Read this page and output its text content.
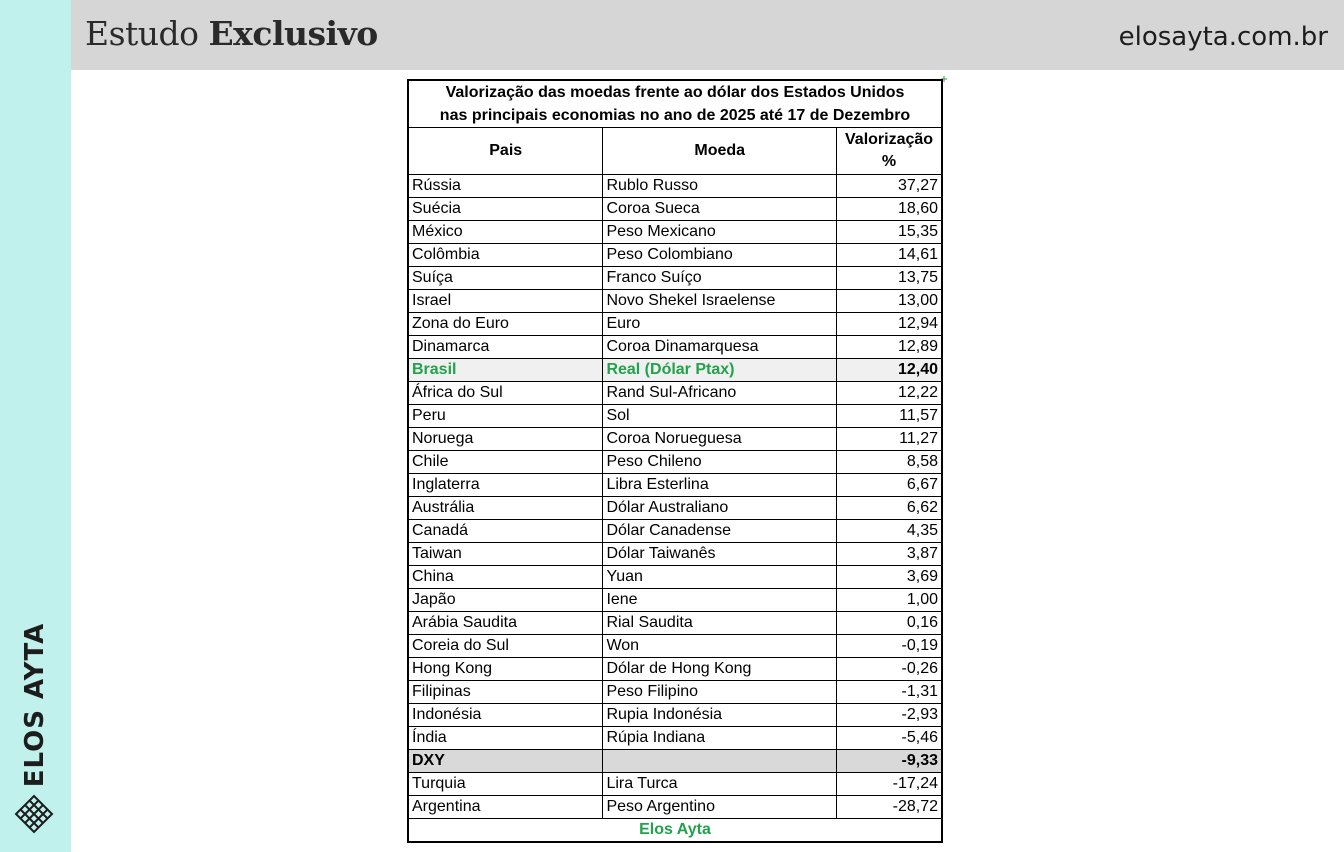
ELOS AYTA
Estudo Exclusivo	elosayta.com.br
Valorização das moedas frente ao dólar dos Estados Unidos
nas principais economias no ano de 2025 até 17 de Dezembro		

Pais	Moeda	Valorização
%

Rússia	Rublo Russo	37,27
Suécia	Coroa Sueca	18,60
México	Peso Mexicano	15,35
Colômbia	Peso Colombiano	14,61
Suíça	Franco Suíço	13,75
Israel	Novo Shekel Israelense	13,00
Zona do Euro	Euro	12,94
Dinamarca	Coroa Dinamarquesa	12,89
Brasil	Real (Dólar Ptax)	12,40
África do Sul	Rand Sul-Africano	12,22
Peru	Sol	11,57
Noruega	Coroa Norueguesa	11,27
Chile	Peso Chileno	8,58
Inglaterra	Libra Esterlina	6,67
Austrália	Dólar Australiano	6,62
Canadá	Dólar Canadense	4,35
Taiwan	Dólar Taiwanês	3,87
China	Yuan	3,69
Japão	Iene	1,00
Arábia Saudita	Rial Saudita	0,16
Coreia do Sul	Won	-0,19
Hong Kong	Dólar de Hong Kong	-0,26
Filipinas	Peso Filipino	-1,31
Indonésia	Rupia Indonésia	-2,93
Índia	Rúpia Indiana	-5,46
DXY		-9,33
Turquia	Lira Turca	-17,24
Argentina	Peso Argentino	-28,72
Elos Ayta		
